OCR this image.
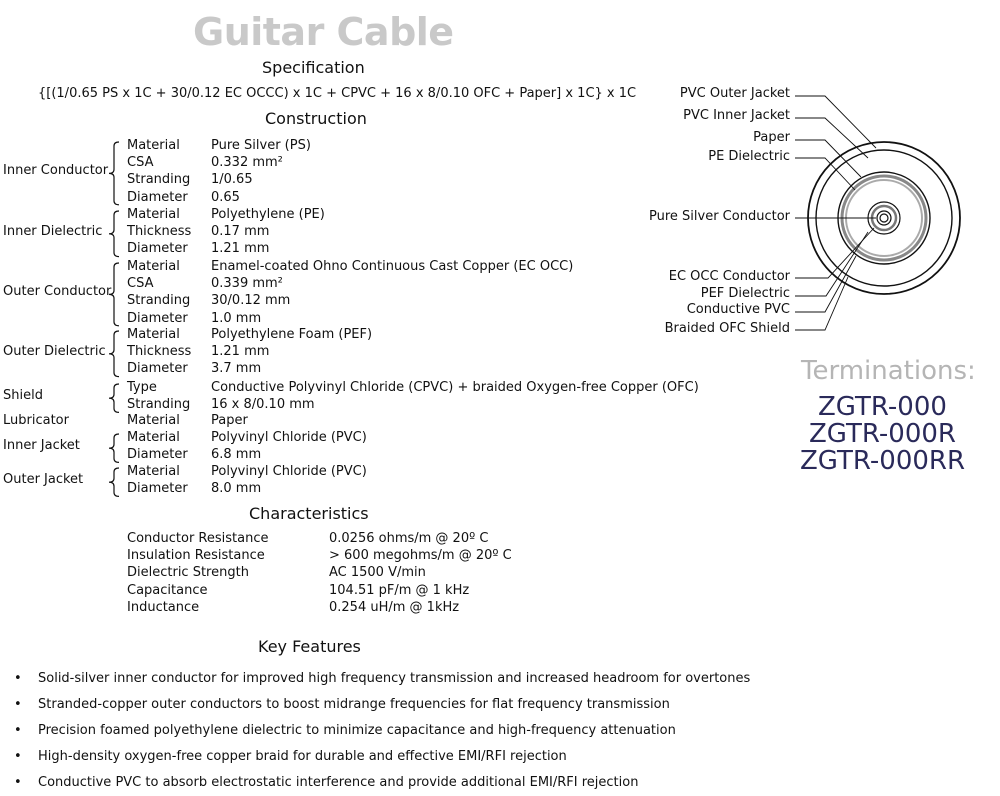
Guitar Cable
Specification
{[(1/0.65 PS x 1C + 30/0.12 EC OCCC) x 1C + CPVC + 16 x 8/0.10 OFC + Paper] x 1C} x 1C
Construction
Inner Conductor
Material Pure Silver (PS)
CSA	0.332 mm²
Stranding 1/0.65
Diameter 0.65
Inner Dielectric
Material Polyethylene (PE)
Thickness 0.17 mm
Diameter 1.21 mm
Outer Conductor
Material Enamel-coated Ohno Continuous Cast Copper (EC OCC)
CSA	0.339 mm²
Stranding 30/0.12 mm
Diameter 1.0 mm
Outer Dielectric
Material Polyethylene Foam (PEF)
Thickness 1.21 mm
Diameter 3.7 mm
Shield
Type	Conductive Polyvinyl Chloride (CPVC) + braided Oxygen-free Copper (OFC)
Stranding 16 x 8/0.10 mm
Lubricator	Material Paper
Inner Jacket
Material Polyvinyl Chloride (PVC)
Diameter 6.8 mm
Outer Jacket
Material Polyvinyl Chloride (PVC)
Diameter 8.0 mm
Characteristics
Conductor Resistance	0.0256 ohms/m @ 20º C
Insulation Resistance	> 600 megohms/m @ 20º C
Dielectric Strength	AC 1500 V/min
Capacitance	104.51 pF/m @ 1 kHz
Inductance	0.254 uH/m @ 1kHz
Key Features
• Solid-silver inner conductor for improved high frequency transmission and increased headroom for overtones
• Stranded-copper outer conductors to boost midrange frequencies for flat frequency transmission
• Precision foamed polyethylene dielectric to minimize capacitance and high-frequency attenuation
• High-density oxygen-free copper braid for durable and effective EMI/RFI rejection
• Conductive PVC to absorb electrostatic interference and provide additional EMI/RFI rejection
PVC Outer Jacket
PVC Inner Jacket
Paper
PE Dielectric
Pure Silver Conductor
EC OCC Conductor
PEF Dielectric
Conductive PVC
Braided OFC Shield
Terminations:
ZGTR-000
ZGTR-000R
ZGTR-000RR
